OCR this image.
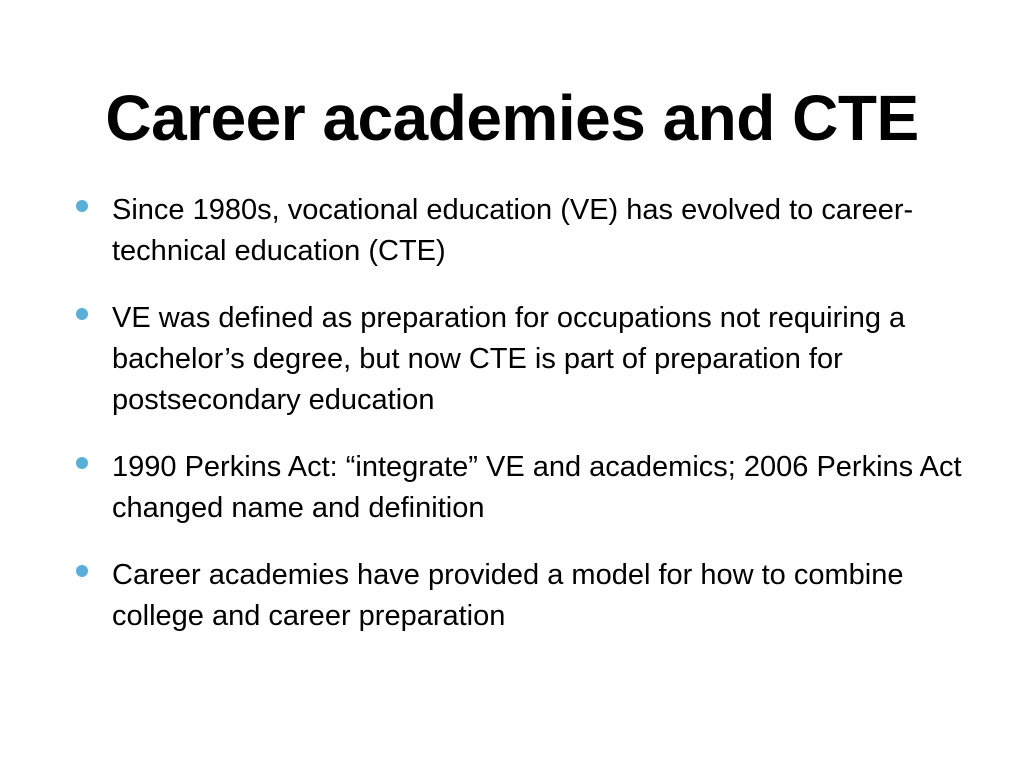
Career academies and CTE
Since 1980s, vocational education (VE) has evolved to career-technical education (CTE)
VE was defined as preparation for occupations not requiring a bachelor’s degree, but now CTE is part of preparation for postsecondary education
1990 Perkins Act: “integrate” VE and academics; 2006 Perkins Act changed name and definition
Career academies have provided a model for how to combine college and career preparation
